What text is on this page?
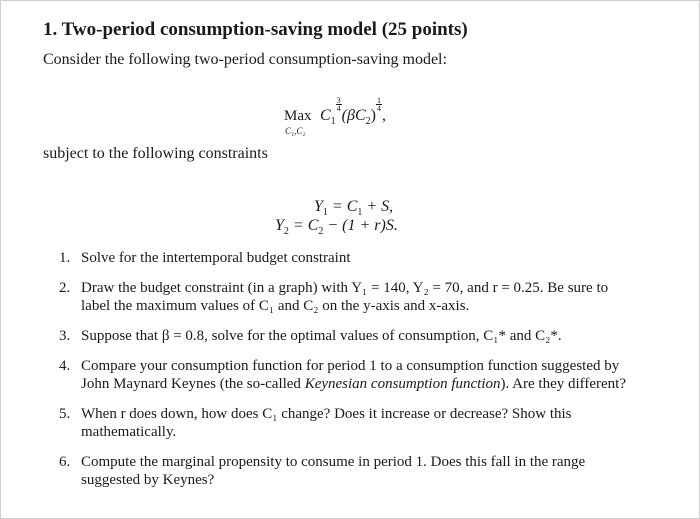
1. Two-period consumption-saving model (25 points)
Consider the following two-period consumption-saving model:
Max
C₁,C₂
$C_1$
$\frac{3}{4}$
$(\beta C_2)$
$\frac{1}{4}$
,
subject to the following constraints
$Y_1 = C_1 + S$,
$Y_2 = C_2 - (1 + r)S$.
1. Solve for the intertemporal budget constraint
2. Draw the budget constraint (in a graph) with Y₁ = 140, Y₂ = 70, and r = 0.25. Be sure to label the maximum values of C₁ and C₂ on the y-axis and x-axis.
3. Suppose that β = 0.8, solve for the optimal values of consumption, C₁* and C₂*.
4. Compare your consumption function for period 1 to a consumption function suggested by John Maynard Keynes (the so-called Keynesian consumption function). Are they different?
5. When r does down, how does C₁ change? Does it increase or decrease? Show this mathematically.
6. Compute the marginal propensity to consume in period 1. Does this fall in the range suggested by Keynes?
